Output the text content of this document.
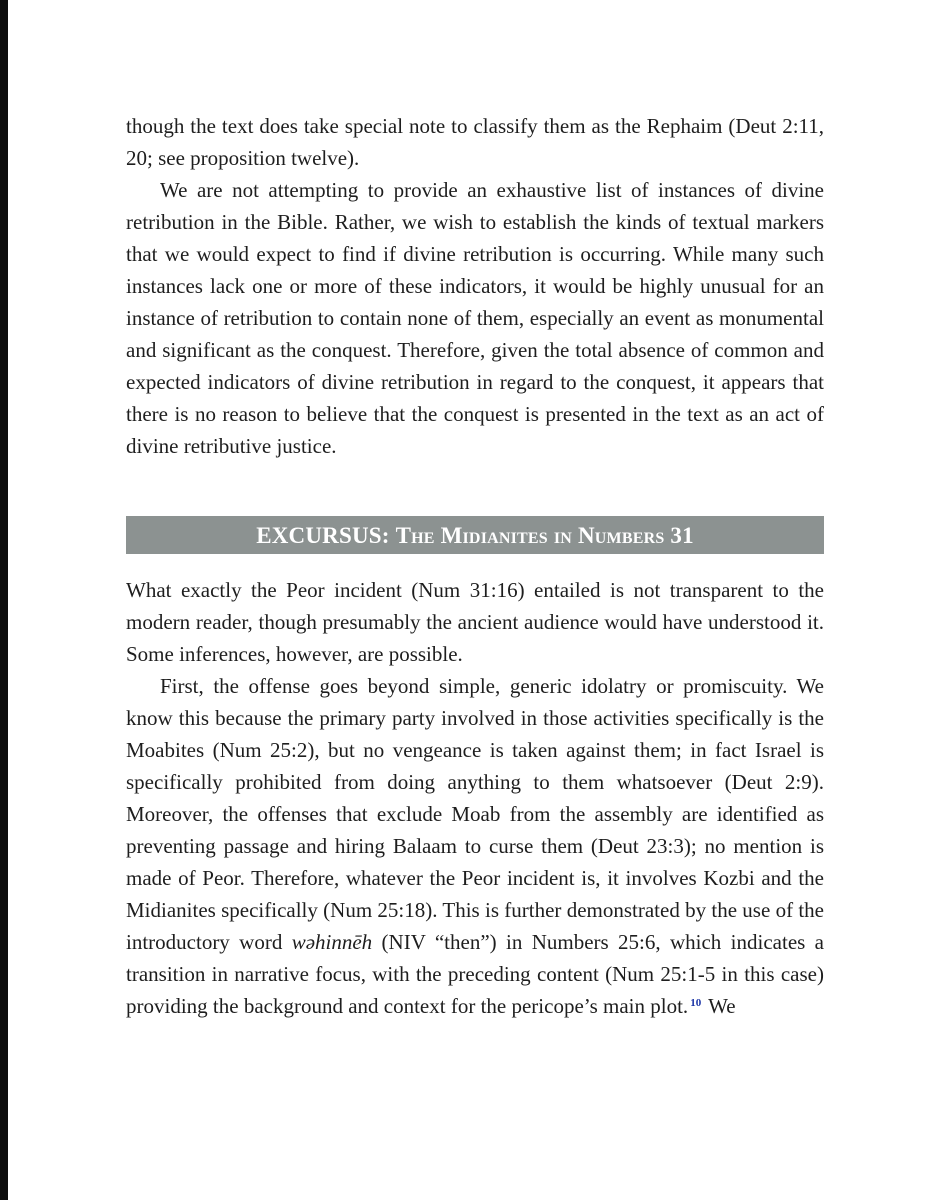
though the text does take special note to classify them as the Rephaim (Deut 2:11, 20; see proposition twelve).

We are not attempting to provide an exhaustive list of instances of divine retribution in the Bible. Rather, we wish to establish the kinds of textual markers that we would expect to find if divine retribution is occurring. While many such instances lack one or more of these indicators, it would be highly unusual for an instance of retribution to contain none of them, especially an event as monumental and significant as the conquest. Therefore, given the total absence of common and expected indicators of divine retribution in regard to the conquest, it appears that there is no reason to believe that the conquest is presented in the text as an act of divine retributive justice.

EXCURSUS: The Midianites in Numbers 31

What exactly the Peor incident (Num 31:16) entailed is not transparent to the modern reader, though presumably the ancient audience would have understood it. Some inferences, however, are possible.

First, the offense goes beyond simple, generic idolatry or promiscuity. We know this because the primary party involved in those activities specifically is the Moabites (Num 25:2), but no vengeance is taken against them; in fact Israel is specifically prohibited from doing anything to them whatsoever (Deut 2:9). Moreover, the offenses that exclude Moab from the assembly are identified as preventing passage and hiring Balaam to curse them (Deut 23:3); no mention is made of Peor. Therefore, whatever the Peor incident is, it involves Kozbi and the Midianites specifically (Num 25:18). This is further demonstrated by the use of the introductory word wəhinnēh (NIV “then”) in Numbers 25:6, which indicates a transition in narrative focus, with the preceding content (Num 25:1-5 in this case) providing the background and context for the pericope’s main plot. $^{10}$ We
